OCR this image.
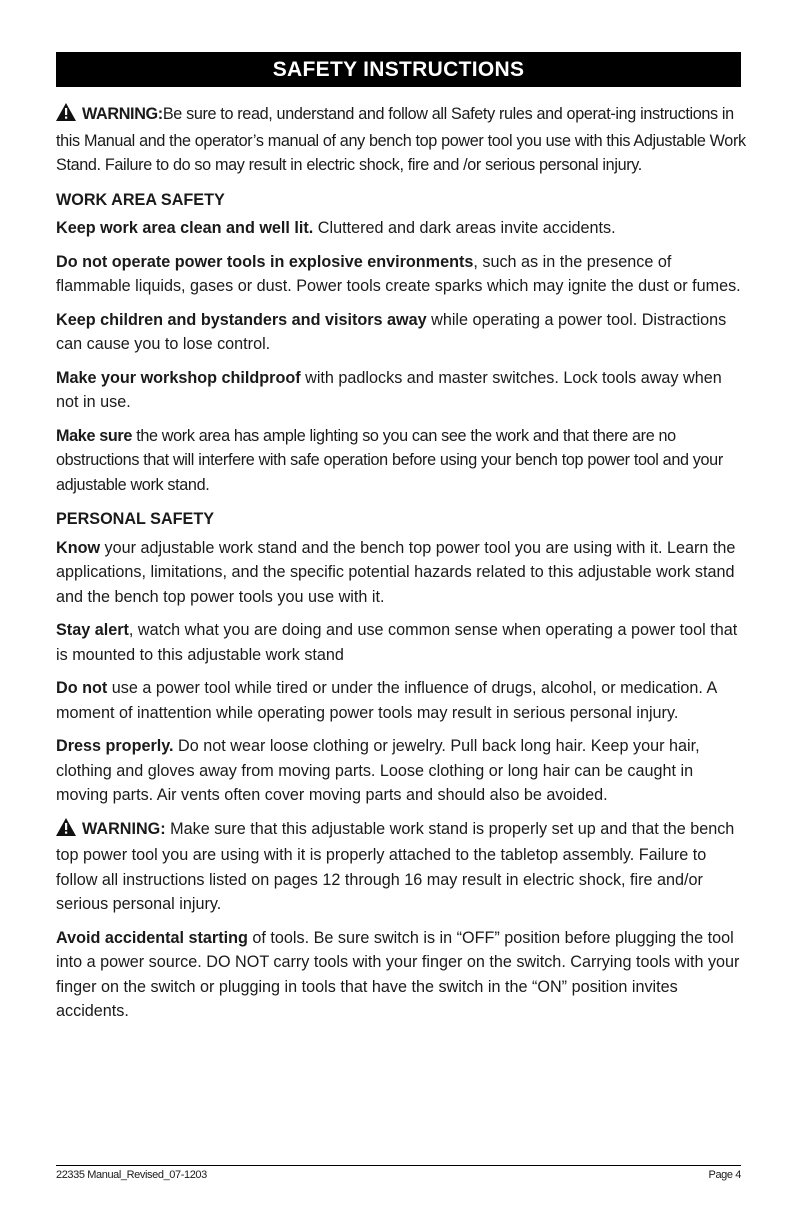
SAFETY INSTRUCTIONS

WARNING:Be sure to read, understand and follow all Safety rules and operat-ing instructions in this Manual and the operator’s manual of any bench top power tool you use with this Adjustable Work Stand. Failure to do so may result in electric shock, fire and /or serious personal injury.

WORK AREA SAFETY

Keep work area clean and well lit. Cluttered and dark areas invite accidents.

Do not operate power tools in explosive environments, such as in the presence of flammable liquids, gases or dust. Power tools create sparks which may ignite the dust or fumes.

Keep children and bystanders and visitors away while operating a power tool. Distractions can cause you to lose control.

Make your workshop childproof with padlocks and master switches. Lock tools away when not in use.

Make sure the work area has ample lighting so you can see the work and that there are no obstructions that will interfere with safe operation before using your bench top power tool and your adjustable work stand.

PERSONAL SAFETY

Know your adjustable work stand and the bench top power tool you are using with it. Learn the applications, limitations, and the specific potential hazards related to this adjustable work stand and the bench top power tools you use with it.

Stay alert, watch what you are doing and use common sense when operating a power tool that is mounted to this adjustable work stand

Do not use a power tool while tired or under the influence of drugs, alcohol, or medication. A moment of inattention while operating power tools may result in serious personal injury.

Dress properly. Do not wear loose clothing or jewelry. Pull back long hair. Keep your hair, clothing and gloves away from moving parts. Loose clothing or long hair can be caught in moving parts. Air vents often cover moving parts and should also be avoided.

WARNING: Make sure that this adjustable work stand is properly set up and that the bench top power tool you are using with it is properly attached to the tabletop assembly. Failure to follow all instructions listed on pages 12 through 16 may result in electric shock, fire and/or serious personal injury.

Avoid accidental starting of tools. Be sure switch is in “OFF” position before plugging the tool into a power source. DO NOT carry tools with your finger on the switch. Carrying tools with your finger on the switch or plugging in tools that have the switch in the “ON” position invites accidents.

22335 Manual_Revised_07-1203	Page 4
